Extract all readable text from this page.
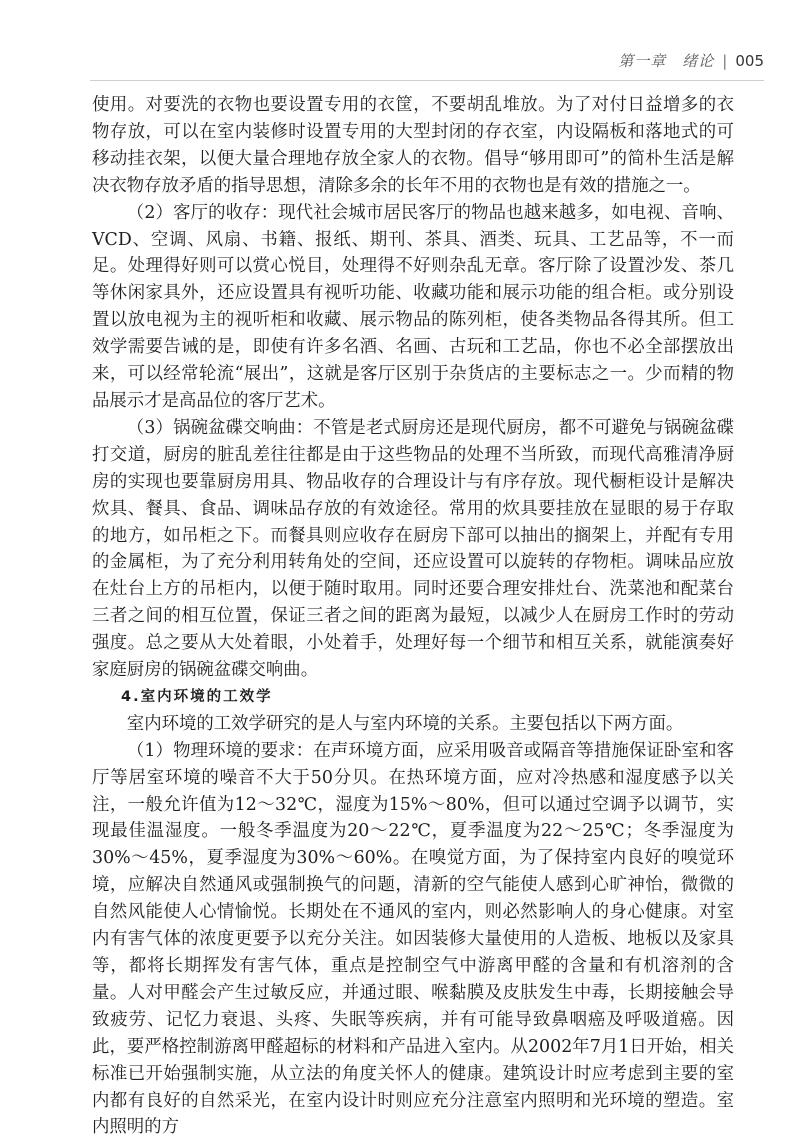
第一章　绪论 | 005

使用。对要洗的衣物也要设置专用的衣筐，不要胡乱堆放。为了对付日益增多的衣物存放，可以在室内装修时设置专用的大型封闭的存衣室，内设隔板和落地式的可移动挂衣架，以便大量合理地存放全家人的衣物。倡导“够用即可”的简朴生活是解决衣物存放矛盾的指导思想，清除多余的长年不用的衣物也是有效的措施之一。

（2）客厅的收存：现代社会城市居民客厅的物品也越来越多，如电视、音响、VCD、空调、风扇、书籍、报纸、期刊、茶具、酒类、玩具、工艺品等，不一而足。处理得好则可以赏心悦目，处理得不好则杂乱无章。客厅除了设置沙发、茶几等休闲家具外，还应设置具有视听功能、收藏功能和展示功能的组合柜。或分别设置以放电视为主的视听柜和收藏、展示物品的陈列柜，使各类物品各得其所。但工效学需要告诫的是，即使有许多名酒、名画、古玩和工艺品，你也不必全部摆放出来，可以经常轮流“展出”，这就是客厅区别于杂货店的主要标志之一。少而精的物品展示才是高品位的客厅艺术。

（3）锅碗盆碟交响曲：不管是老式厨房还是现代厨房，都不可避免与锅碗盆碟打交道，厨房的脏乱差往往都是由于这些物品的处理不当所致，而现代高雅清净厨房的实现也要靠厨房用具、物品收存的合理设计与有序存放。现代橱柜设计是解决炊具、餐具、食品、调味品存放的有效途径。常用的炊具要挂放在显眼的易于存取的地方，如吊柜之下。而餐具则应收存在厨房下部可以抽出的搁架上，并配有专用的金属柜，为了充分利用转角处的空间，还应设置可以旋转的存物柜。调味品应放在灶台上方的吊柜内，以便于随时取用。同时还要合理安排灶台、洗菜池和配菜台三者之间的相互位置，保证三者之间的距离为最短，以减少人在厨房工作时的劳动强度。总之要从大处着眼，小处着手，处理好每一个细节和相互关系，就能演奏好家庭厨房的锅碗盆碟交响曲。

4.室内环境的工效学

室内环境的工效学研究的是人与室内环境的关系。主要包括以下两方面。

（1）物理环境的要求：在声环境方面，应采用吸音或隔音等措施保证卧室和客厅等居室环境的噪音不大于50分贝。在热环境方面，应对冷热感和湿度感予以关注，一般允许值为12～32℃，湿度为15%～80%，但可以通过空调予以调节，实现最佳温湿度。一般冬季温度为20～22℃，夏季温度为22～25℃；冬季湿度为30%～45%，夏季湿度为30%～60%。在嗅觉方面，为了保持室内良好的嗅觉环境，应解决自然通风或强制换气的问题，清新的空气能使人感到心旷神怡，微微的自然风能使人心情愉悦。长期处在不通风的室内，则必然影响人的身心健康。对室内有害气体的浓度更要予以充分关注。如因装修大量使用的人造板、地板以及家具等，都将长期挥发有害气体，重点是控制空气中游离甲醛的含量和有机溶剂的含量。人对甲醛会产生过敏反应，并通过眼、喉黏膜及皮肤发生中毒，长期接触会导致疲劳、记忆力衰退、头疼、失眠等疾病，并有可能导致鼻咽癌及呼吸道癌。因此，要严格控制游离甲醛超标的材料和产品进入室内。从2002年7月1日开始，相关标准已开始强制实施，从立法的角度关怀人的健康。建筑设计时应考虑到主要的室内都有良好的自然采光，在室内设计时则应充分注意室内照明和光环境的塑造。室内照明的方
